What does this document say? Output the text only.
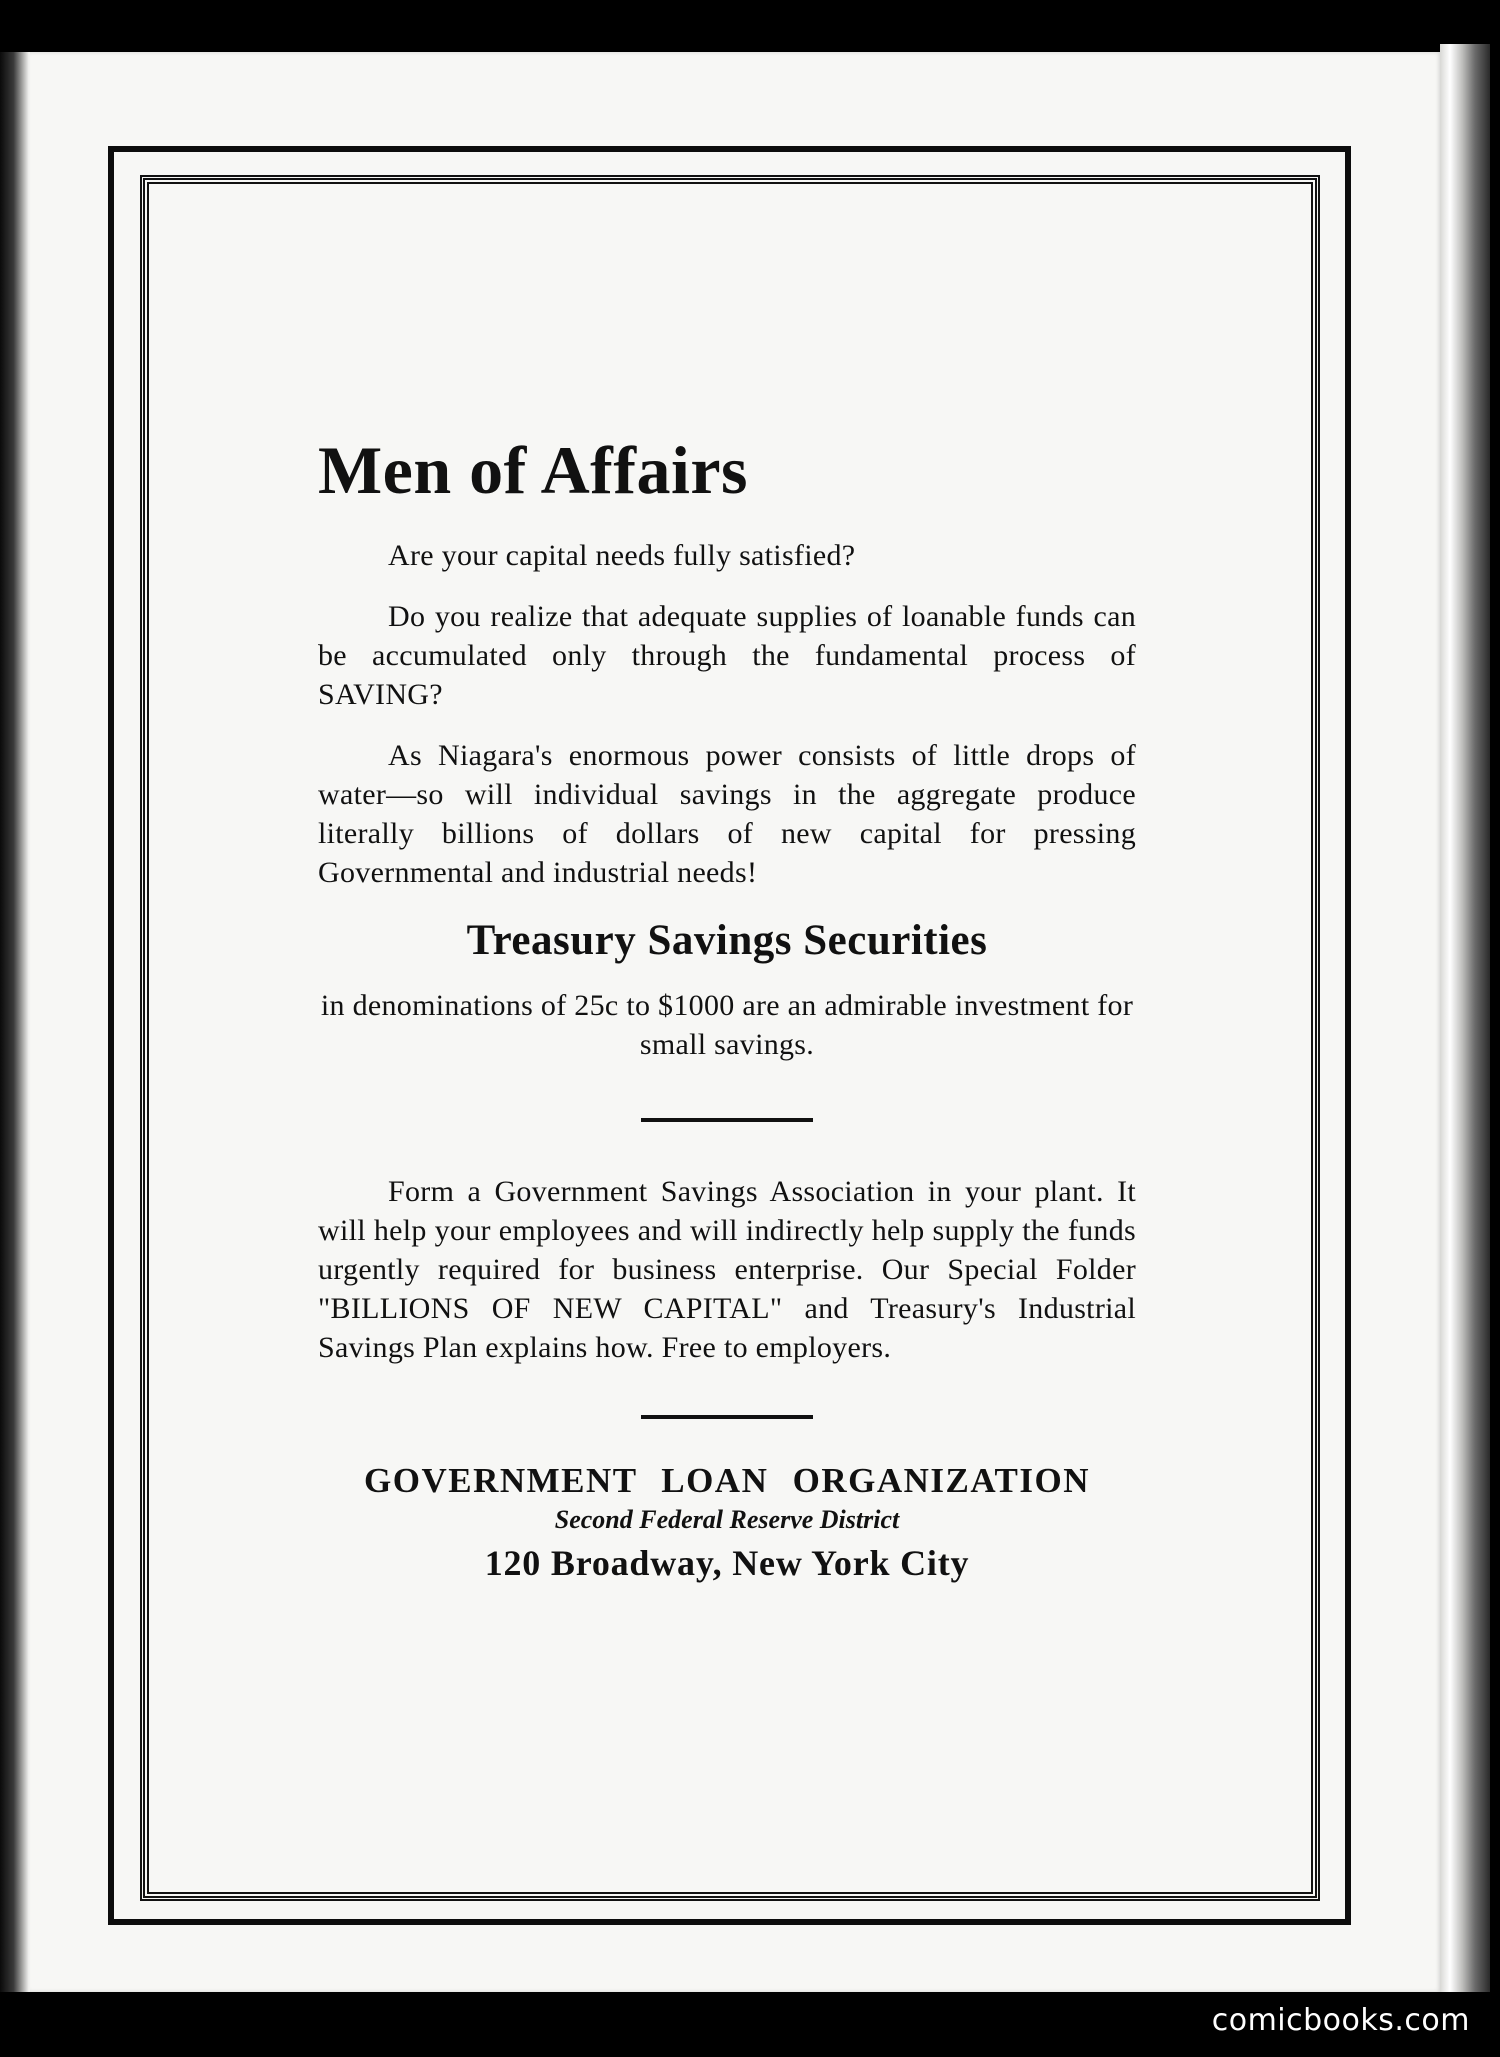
Men of Affairs

Are your capital needs fully satisfied?

Do you realize that adequate supplies of loanable funds can be accumulated only through the fundamental process of SAVING?

As Niagara's enormous power consists of little drops of water—so will individual savings in the aggregate produce literally billions of dollars of new capital for pressing Governmental and industrial needs!

Treasury Savings Securities

in denominations of 25c to $1000 are an admirable investment for small savings.

Form a Government Savings Association in your plant. It will help your employees and will indirectly help supply the funds urgently required for business enterprise. Our Special Folder "BILLIONS OF NEW CAPITAL" and Treasury's Industrial Savings Plan explains how. Free to employers.

GOVERNMENT LOAN ORGANIZATION

Second Federal Reserve District

120 Broadway, New York City

comicbooks.com
